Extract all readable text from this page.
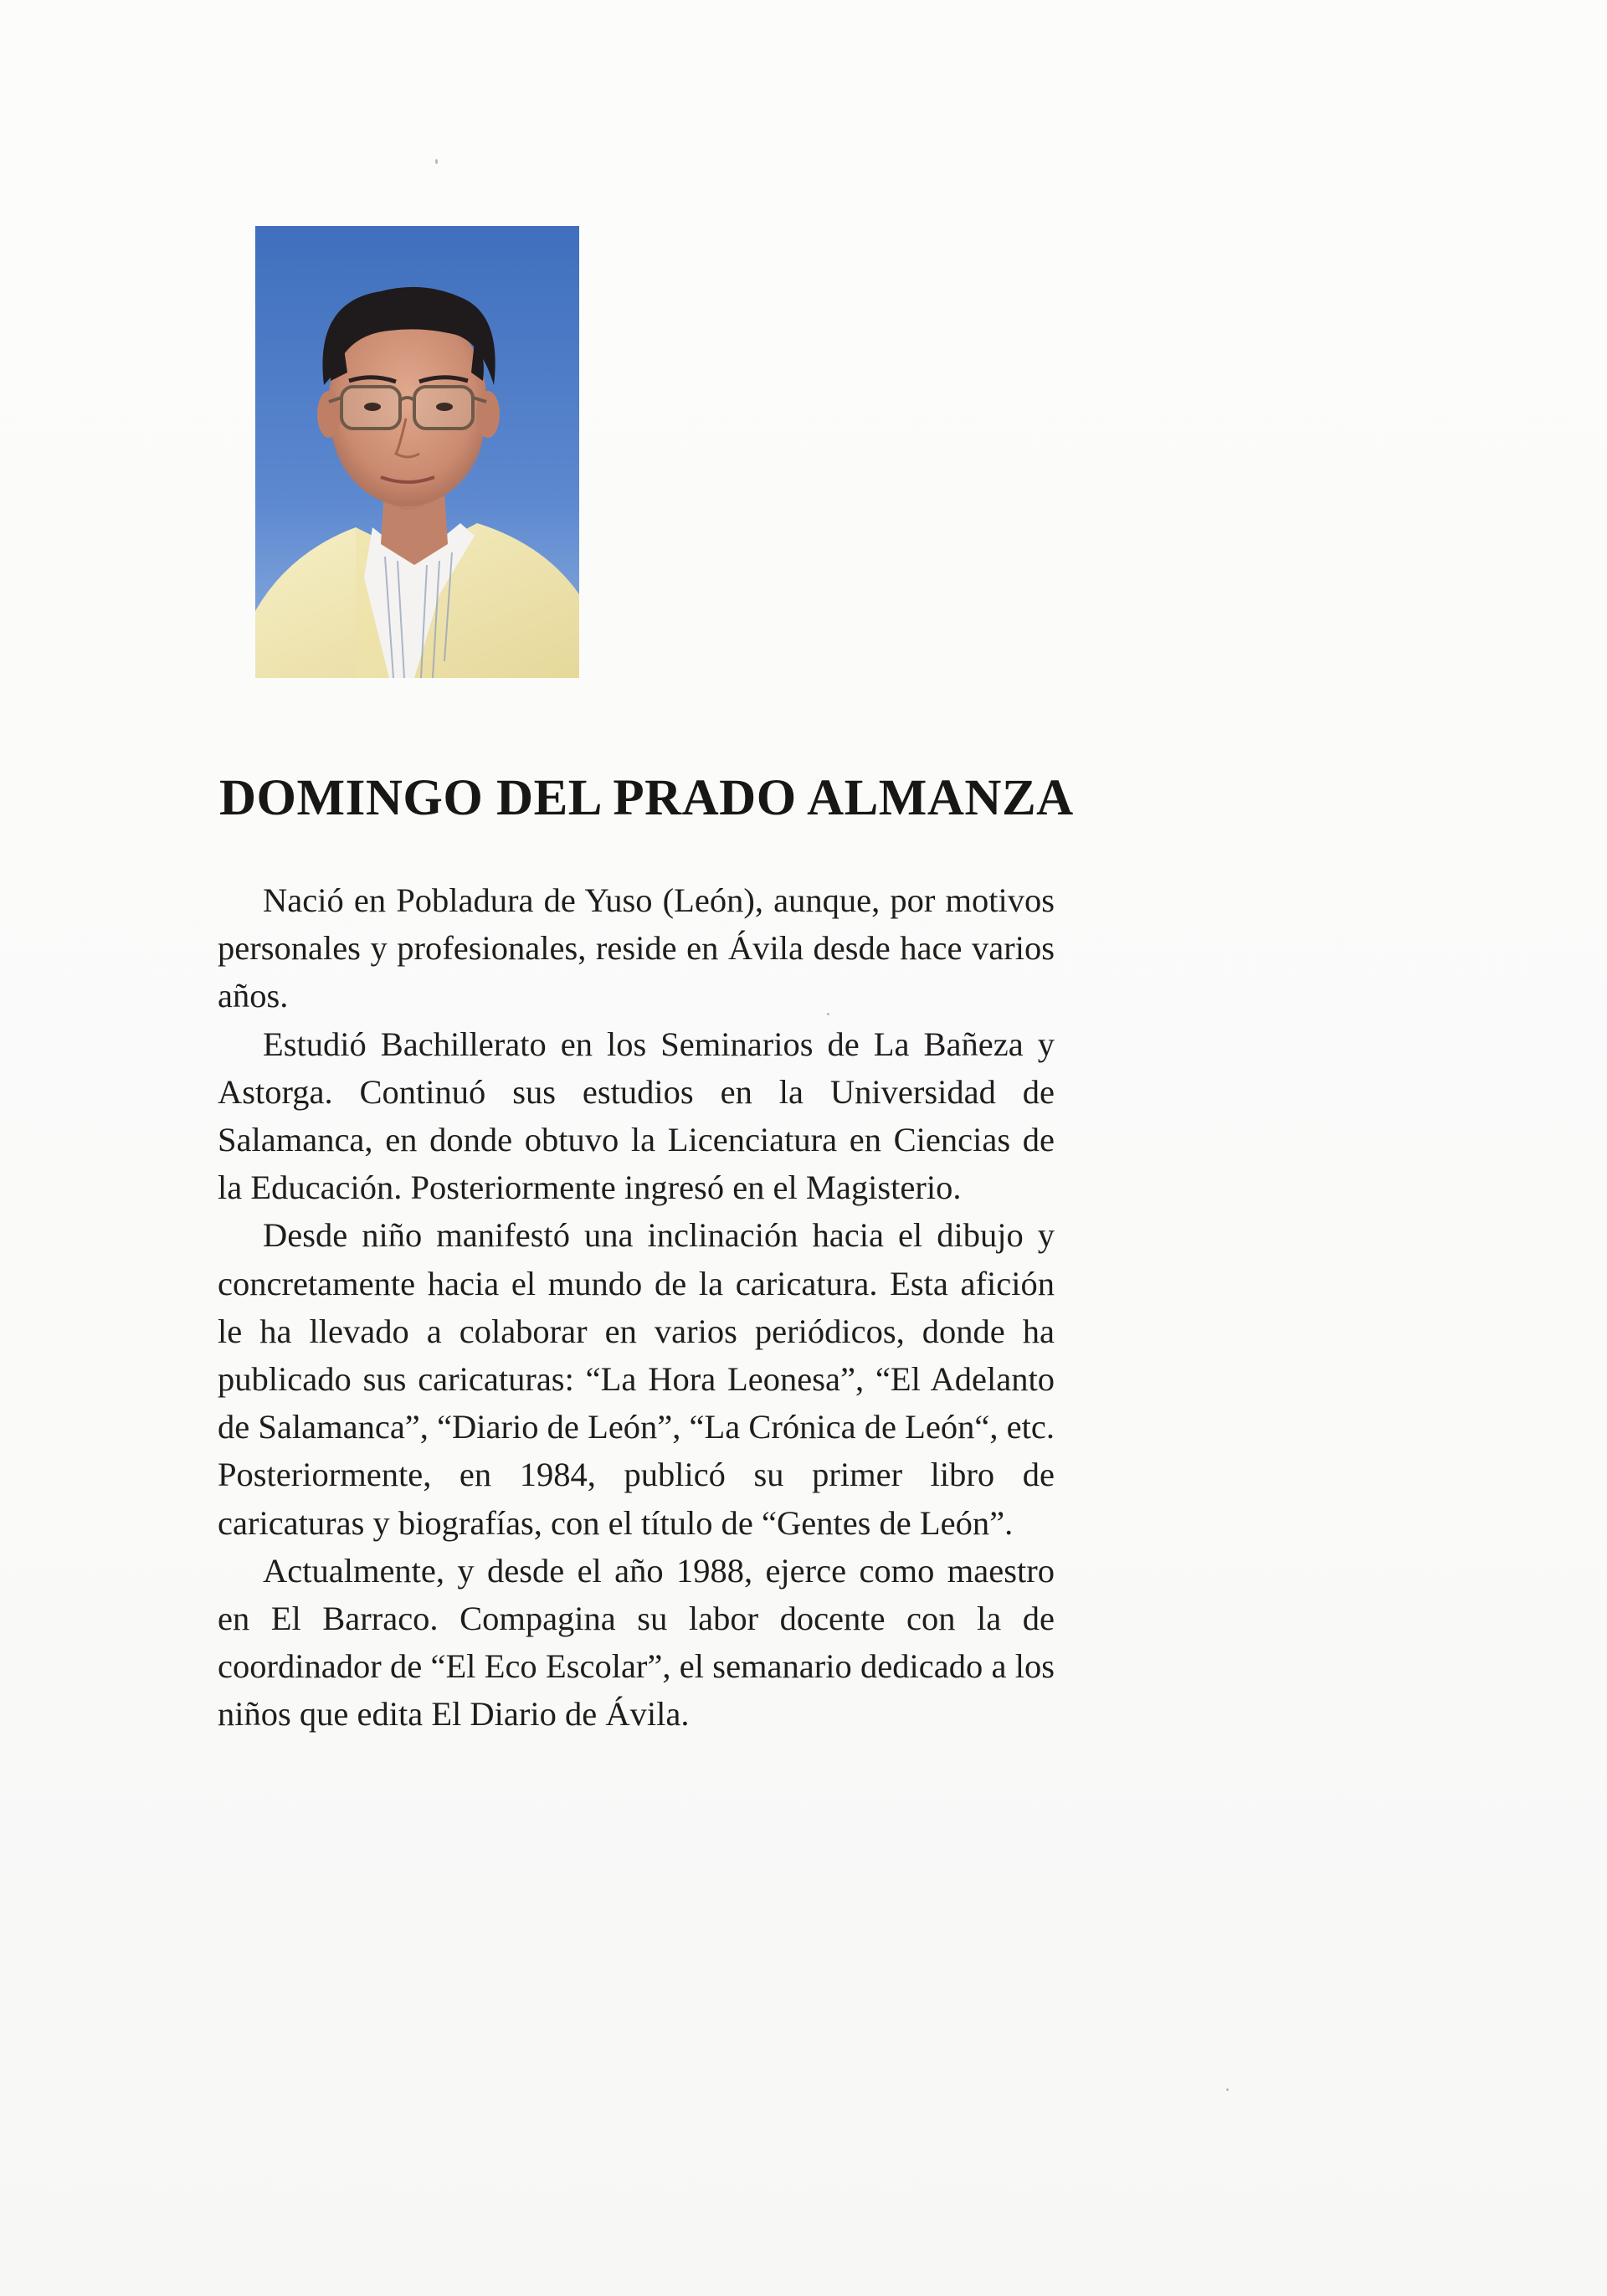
DOMINGO DEL PRADO ALMANZA

Nació en Pobladura de Yuso (León), aunque, por motivos personales y profesionales, reside en Ávila desde hace varios años.

Estudió Bachillerato en los Seminarios de La Bañeza y Astorga. Continuó sus estudios en la Universidad de Salamanca, en donde obtuvo la Licenciatura en Ciencias de la Educación. Posteriormente ingresó en el Magisterio.

Desde niño manifestó una inclinación hacia el dibujo y concretamente hacia el mundo de la caricatura. Esta afición le ha llevado a colaborar en varios periódicos, donde ha publicado sus caricaturas: “La Hora Leonesa”, “El Adelanto de Salamanca”, “Diario de León”, “La Crónica de León“, etc. Posteriormente, en 1984, publicó su primer libro de caricaturas y biografías, con el título de “Gentes de León”.

Actualmente, y desde el año 1988, ejerce como maestro en El Barraco. Compagina su labor docente con la de coordinador de “El Eco Escolar”, el semanario dedicado a los niños que edita El Diario de Ávila.
